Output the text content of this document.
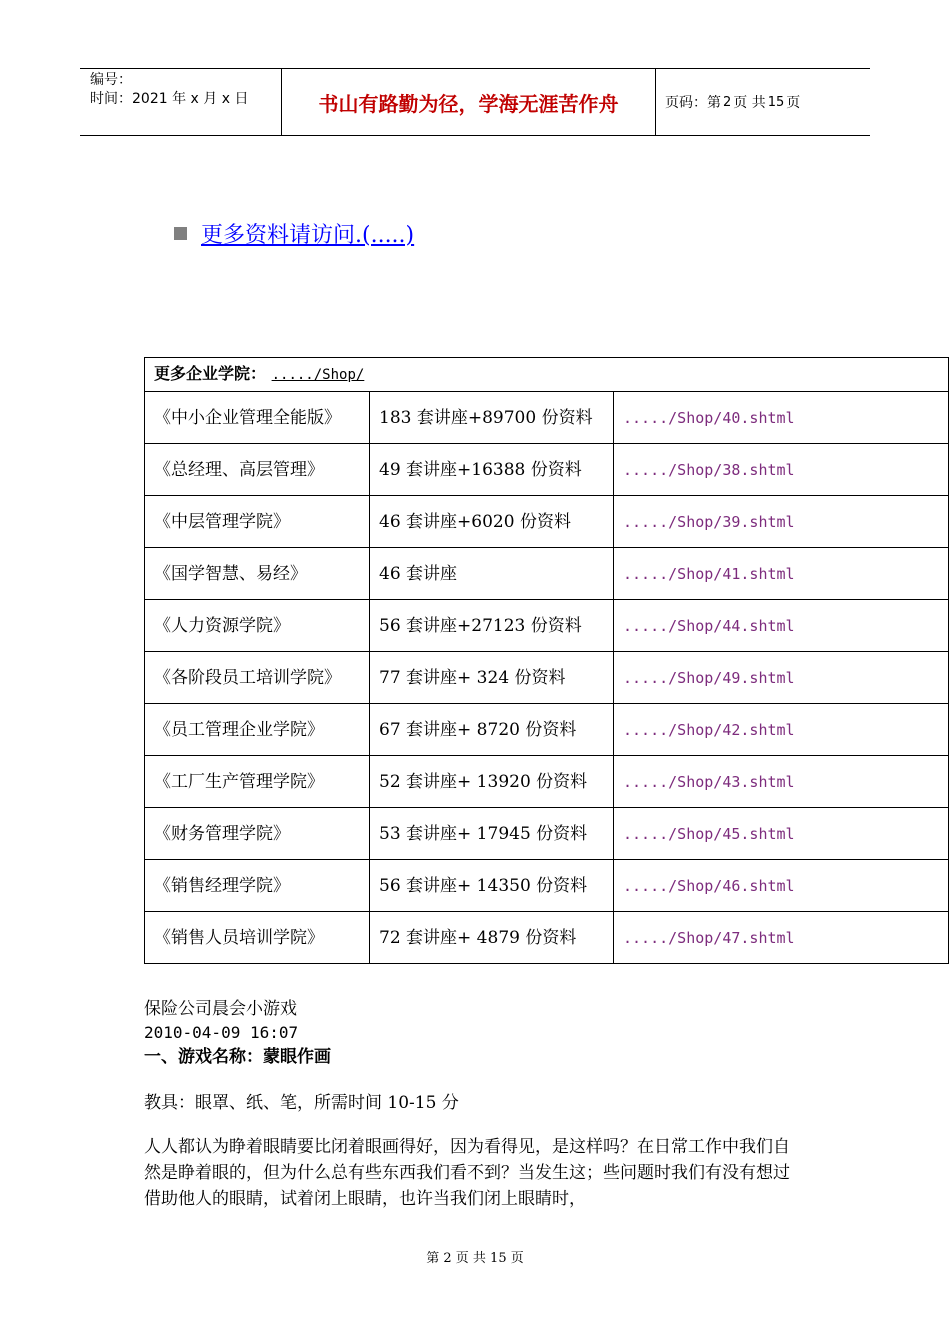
编号：
时间：2021 年 x 月 x 日	书山有路勤为径，学海无涯苦作舟	页码：第 2 页 共 15 页
更多资料请访问.(.....)
更多企业学院： ...../Shop/		
《中小企业管理全能版》	183 套讲座+89700 份资料	...../Shop/40.shtml
《总经理、高层管理》	49 套讲座+16388 份资料	...../Shop/38.shtml
《中层管理学院》	46 套讲座+6020 份资料	...../Shop/39.shtml
《国学智慧、易经》	46 套讲座	...../Shop/41.shtml
《人力资源学院》	56 套讲座+27123 份资料	...../Shop/44.shtml
《各阶段员工培训学院》	77 套讲座+ 324 份资料	...../Shop/49.shtml
《员工管理企业学院》	67 套讲座+ 8720 份资料	...../Shop/42.shtml
《工厂生产管理学院》	52 套讲座+ 13920 份资料	...../Shop/43.shtml
《财务管理学院》	53 套讲座+ 17945 份资料	...../Shop/45.shtml
《销售经理学院》	56 套讲座+ 14350 份资料	...../Shop/46.shtml
《销售人员培训学院》	72 套讲座+ 4879 份资料	...../Shop/47.shtml
保险公司晨会小游戏
2010-04-09 16:07
一、游戏名称：蒙眼作画
教具：眼罩、纸、笔，所需时间 10-15 分
人人都认为睁着眼睛要比闭着眼画得好，因为看得见，是这样吗？在日常工作中我们自然是睁着眼的，但为什么总有些东西我们看不到？当发生这；些问题时我们有没有想过借助他人的眼睛，试着闭上眼睛，也许当我们闭上眼睛时，
第 2 页 共 15 页
